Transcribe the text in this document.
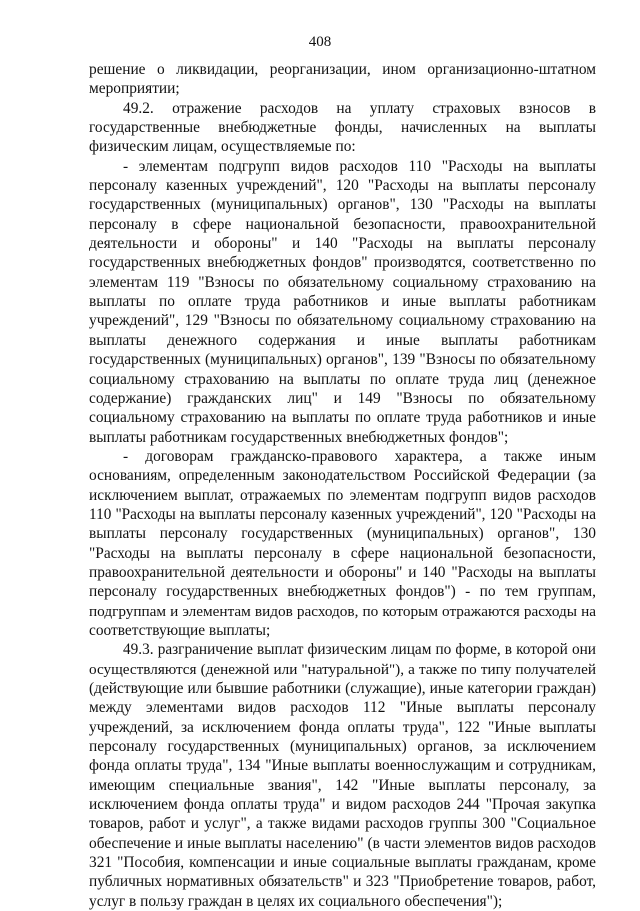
408
решение о ликвидации, реорганизации, ином организационно-штатном
мероприятии;
49.2. отражение расходов на уплату страховых взносов в
государственные внебюджетные фонды, начисленных на выплаты
физическим лицам, осуществляемые по:
- элементам подгрупп видов расходов 110 "Расходы на выплаты
персоналу казенных учреждений", 120 "Расходы на выплаты персоналу
государственных (муниципальных) органов", 130 "Расходы на выплаты
персоналу в сфере национальной безопасности, правоохранительной
деятельности и обороны" и 140 "Расходы на выплаты персоналу
государственных внебюджетных фондов" производятся, соответственно по
элементам 119 "Взносы по обязательному социальному страхованию на
выплаты по оплате труда работников и иные выплаты работникам
учреждений", 129 "Взносы по обязательному социальному страхованию на
выплаты денежного содержания и иные выплаты работникам
государственных (муниципальных) органов", 139 "Взносы по обязательному
социальному страхованию на выплаты по оплате труда лиц (денежное
содержание) гражданских лиц" и 149 "Взносы по обязательному
социальному страхованию на выплаты по оплате труда работников и иные
выплаты работникам государственных внебюджетных фондов";
- договорам гражданско-правового характера, а также иным
основаниям, определенным законодательством Российской Федерации (за
исключением выплат, отражаемых по элементам подгрупп видов расходов
110 "Расходы на выплаты персоналу казенных учреждений", 120 "Расходы на
выплаты персоналу государственных (муниципальных) органов", 130
"Расходы на выплаты персоналу в сфере национальной безопасности,
правоохранительной деятельности и обороны" и 140 "Расходы на выплаты
персоналу государственных внебюджетных фондов") - по тем группам,
подгруппам и элементам видов расходов, по которым отражаются расходы на
соответствующие выплаты;
49.3. разграничение выплат физическим лицам по форме, в которой они
осуществляются (денежной или "натуральной"), а также по типу получателей
(действующие или бывшие работники (служащие), иные категории граждан)
между элементами видов расходов 112 "Иные выплаты персоналу
учреждений, за исключением фонда оплаты труда", 122 "Иные выплаты
персоналу государственных (муниципальных) органов, за исключением
фонда оплаты труда", 134 "Иные выплаты военнослужащим и сотрудникам,
имеющим специальные звания", 142 "Иные выплаты персоналу, за
исключением фонда оплаты труда" и видом расходов 244 "Прочая закупка
товаров, работ и услуг", а также видами расходов группы 300 "Социальное
обеспечение и иные выплаты населению" (в части элементов видов расходов
321 "Пособия, компенсации и иные социальные выплаты гражданам, кроме
публичных нормативных обязательств" и 323 "Приобретение товаров, работ,
услуг в пользу граждан в целях их социального обеспечения");
